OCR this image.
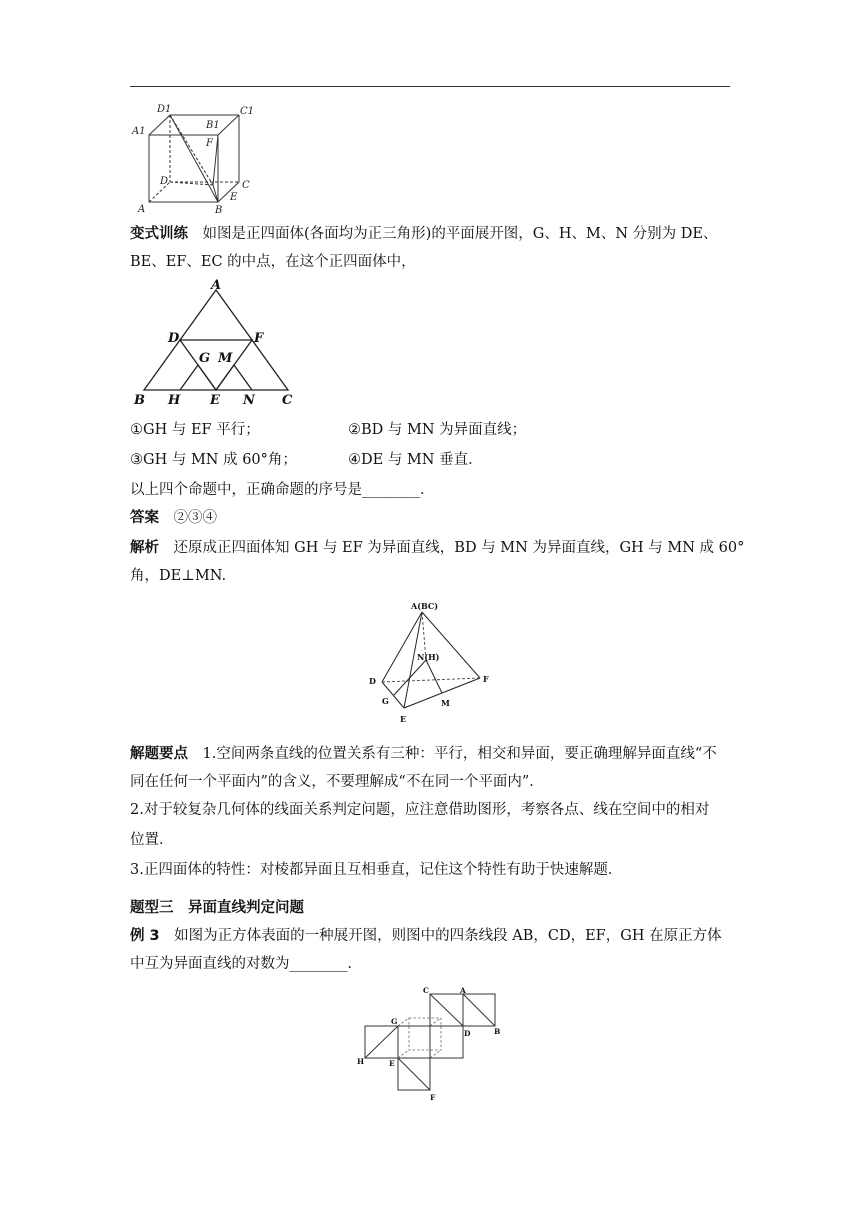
D1	C1
A1
B1
F
D	C
A	B
E
变式训练　 如图是正四面体(各面均为正三角形)的平面展开图，G、H、M、N 分别为 DE、
BE、EF、EC 的中点，在这个正四面体中，
A
D	F
G M
B H E N C
①GH 与 EF 平行；	②BD 与 MN 为异面直线；
③GH 与 MN 成 60°角；	④DE 与 MN 垂直．
以上四个命题中，正确命题的序号是________．
答案　 ②③④
解析　 还原成正四面体知 GH 与 EF 为异面直线，BD 与 MN 为异面直线，GH 与 MN 成 60°
角，DE⊥MN.
A(BC)
N(H)
D	F
G	M
E
解题要点　 1.空间两条直线的位置关系有三种：平行，相交和异面，要正确理解异面直线“不
同在任何一个平面内”的含义，不要理解成“不在同一个平面内”．
2.对于较复杂几何体的线面关系判定问题，应注意借助图形，考察各点、线在空间中的相对
位置．
3.正四面体的特性：对棱都异面且互相垂直，记住这个特性有助于快速解题．
题型三　异面直线判定问题
例 3　 如图为正方体表面的一种展开图，则图中的四条线段 AB，CD，EF，GH 在原正方体
中互为异面直线的对数为________．
C	A
G
D	B
H	E
F
